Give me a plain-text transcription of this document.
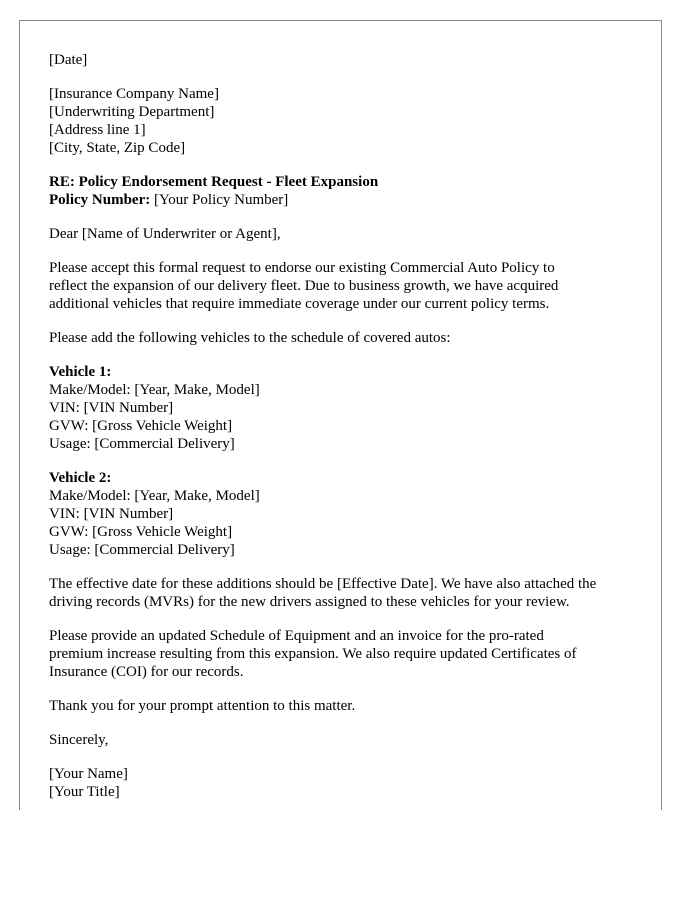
[Date]
[Insurance Company Name]
[Underwriting Department]
[Address line 1]
[City, State, Zip Code]
RE: Policy Endorsement Request - Fleet Expansion
Policy Number: [Your Policy Number]
Dear [Name of Underwriter or Agent],
Please accept this formal request to endorse our existing Commercial Auto Policy to
reflect the expansion of our delivery fleet. Due to business growth, we have acquired
additional vehicles that require immediate coverage under our current policy terms.
Please add the following vehicles to the schedule of covered autos:
Vehicle 1:
Make/Model: [Year, Make, Model]
VIN: [VIN Number]
GVW: [Gross Vehicle Weight]
Usage: [Commercial Delivery]
Vehicle 2:
Make/Model: [Year, Make, Model]
VIN: [VIN Number]
GVW: [Gross Vehicle Weight]
Usage: [Commercial Delivery]
The effective date for these additions should be [Effective Date]. We have also attached the
driving records (MVRs) for the new drivers assigned to these vehicles for your review.
Please provide an updated Schedule of Equipment and an invoice for the pro-rated
premium increase resulting from this expansion. We also require updated Certificates of
Insurance (COI) for our records.
Thank you for your prompt attention to this matter.
Sincerely,
[Your Name]
[Your Title]
